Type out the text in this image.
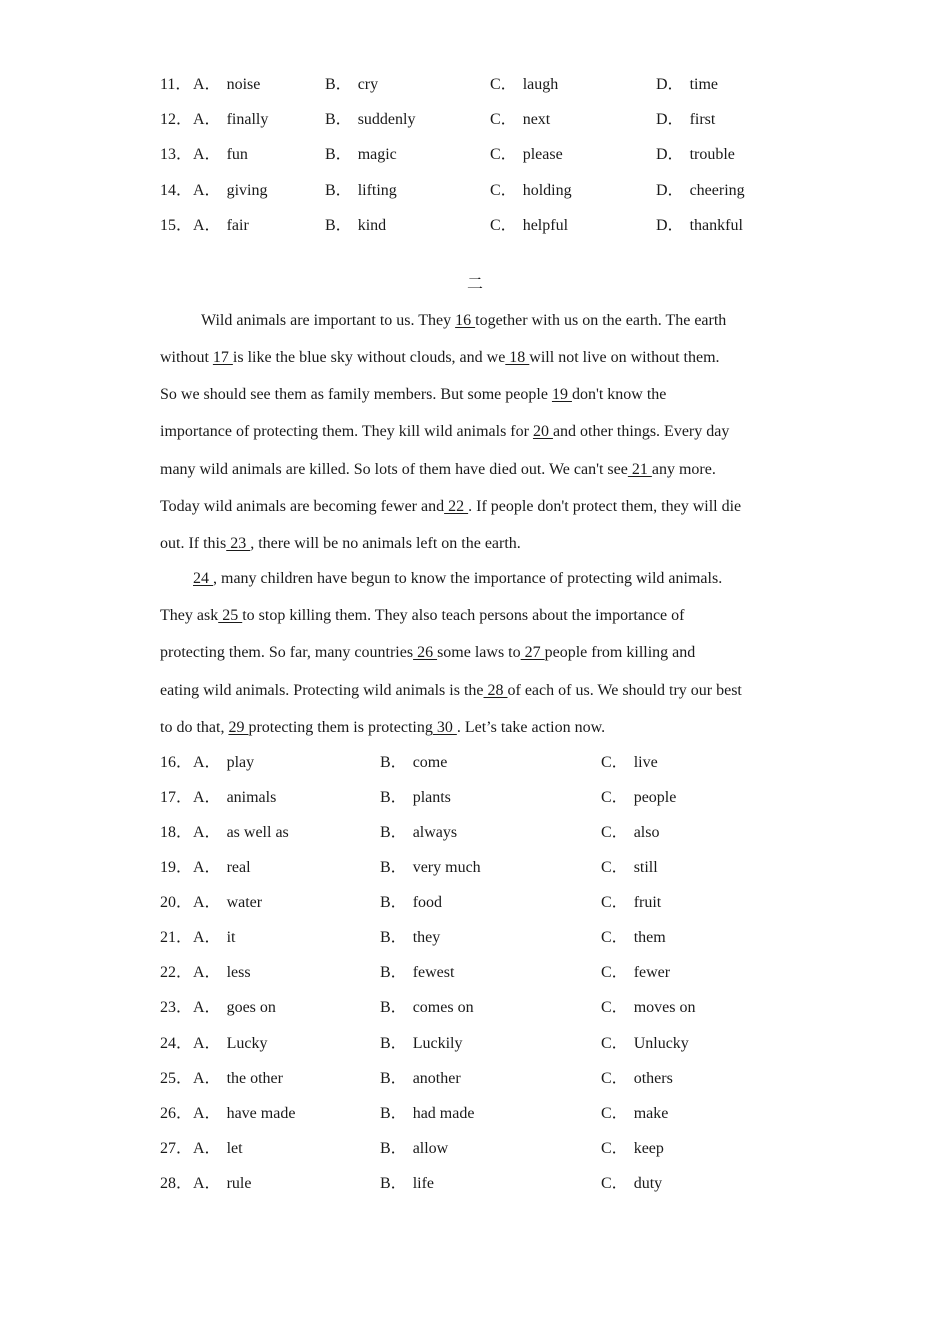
11． A． noise	B． cry	C． laugh	D． time
12． A． finally	B． suddenly	C． next	D． first
13． A． fun	B． magic	C． please	D． trouble
14． A． giving	B． lifting	C． holding	D． cheering
15． A． fair	B． kind	C． helpful	D． thankful
二
Wild animals are important to us. They 16 together with us on the earth. The earth
without 17 is like the blue sky without clouds, and we 18 will not live on without them.
So we should see them as family members. But some people 19 don't know the
importance of protecting them. They kill wild animals for 20 and other things. Every day
many wild animals are killed. So lots of them have died out. We can't see 21 any more.
Today wild animals are becoming fewer and 22 . If people don't protect them, they will die
out. If this 23 , there will be no animals left on the earth.
24 , many children have begun to know the importance of protecting wild animals.
They ask 25 to stop killing them. They also teach persons about the importance of
protecting them. So far, many countries 26 some laws to 27 people from killing and
eating wild animals. Protecting wild animals is the 28 of each of us. We should try our best
to do that, 29 protecting them is protecting 30 . Let’s take action now.
16． A． play	B． come	C． live
17． A． animals	B． plants	C． people
18． A． as well as	B． always	C． also
19． A． real	B． very much	C． still
20． A． water	B． food	C． fruit
21． A． it	B． they	C． them
22． A． less	B． fewest	C． fewer
23． A． goes on	B． comes on	C． moves on
24． A． Lucky	B． Luckily	C． Unlucky
25． A． the other	B． another	C． others
26． A． have made	B． had made	C． make
27． A． let	B． allow	C． keep
28． A． rule	B． life	C． duty
